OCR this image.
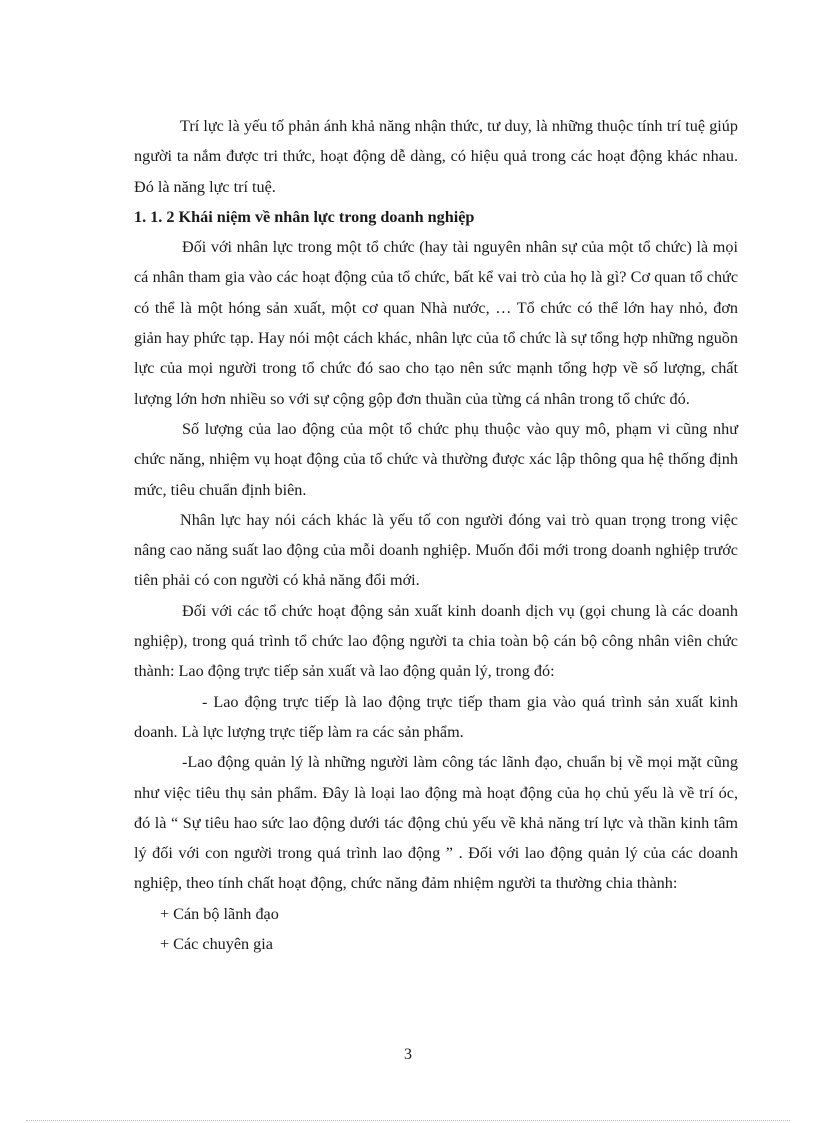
Trí lực là yếu tố phản ánh khả năng nhận thức, tư duy, là những thuộc tính trí tuệ giúp người ta nắm được tri thức, hoạt động dễ dàng, có hiệu quả trong các hoạt động khác nhau. Đó là năng lực trí tuệ.

1. 1. 2 Khái niệm về nhân lực trong doanh nghiệp

Đối với nhân lực trong một tổ chức (hay tài nguyên nhân sự của một tổ chức) là mọi cá nhân tham gia vào các hoạt động của tổ chức, bất kể vai trò của họ là gì? Cơ quan tổ chức có thể là một hóng sản xuất, một cơ quan Nhà nước, … Tổ chức có thể lớn hay nhỏ, đơn giản hay phức tạp. Hay nói một cách khác, nhân lực của tổ chức là sự tổng hợp những nguồn lực của mọi người trong tổ chức đó sao cho tạo nên sức mạnh tổng hợp về số lượng, chất lượng lớn hơn nhiều so với sự cộng gộp đơn thuần của từng cá nhân trong tổ chức đó.

Số lượng của lao động của một tổ chức phụ thuộc vào quy mô, phạm vi cũng như chức năng, nhiệm vụ hoạt động của tổ chức và thường được xác lập thông qua hệ thống định mức, tiêu chuẩn định biên.

Nhân lực hay nói cách khác là yếu tố con người đóng vai trò quan trọng trong việc nâng cao năng suất lao động của mỗi doanh nghiệp. Muốn đổi mới trong doanh nghiệp trước tiên phải có con người có khả năng đổi mới.

Đối với các tổ chức hoạt động sản xuất kinh doanh dịch vụ (gọi chung là các doanh nghiệp), trong quá trình tổ chức lao động người ta chia toàn bộ cán bộ công nhân viên chức thành: Lao động trực tiếp sản xuất và lao động quản lý, trong đó:

- Lao động trực tiếp là lao động trực tiếp tham gia vào quá trình sản xuất kinh doanh. Là lực lượng trực tiếp làm ra các sản phẩm.

-Lao động quản lý là những người làm công tác lãnh đạo, chuẩn bị về mọi mặt cũng như việc tiêu thụ sản phẩm. Đây là loại lao động mà hoạt động của họ chủ yếu là về trí óc, đó là “ Sự tiêu hao sức lao động dưới tác động chủ yếu về khả năng trí lực và thần kinh tâm lý đối với con người trong quá trình lao động ” . Đối với lao động quản lý của các doanh nghiệp, theo tính chất hoạt động, chức năng đảm nhiệm người ta thường chia thành:

+ Cán bộ lãnh đạo
+ Các chuyên gia
3
